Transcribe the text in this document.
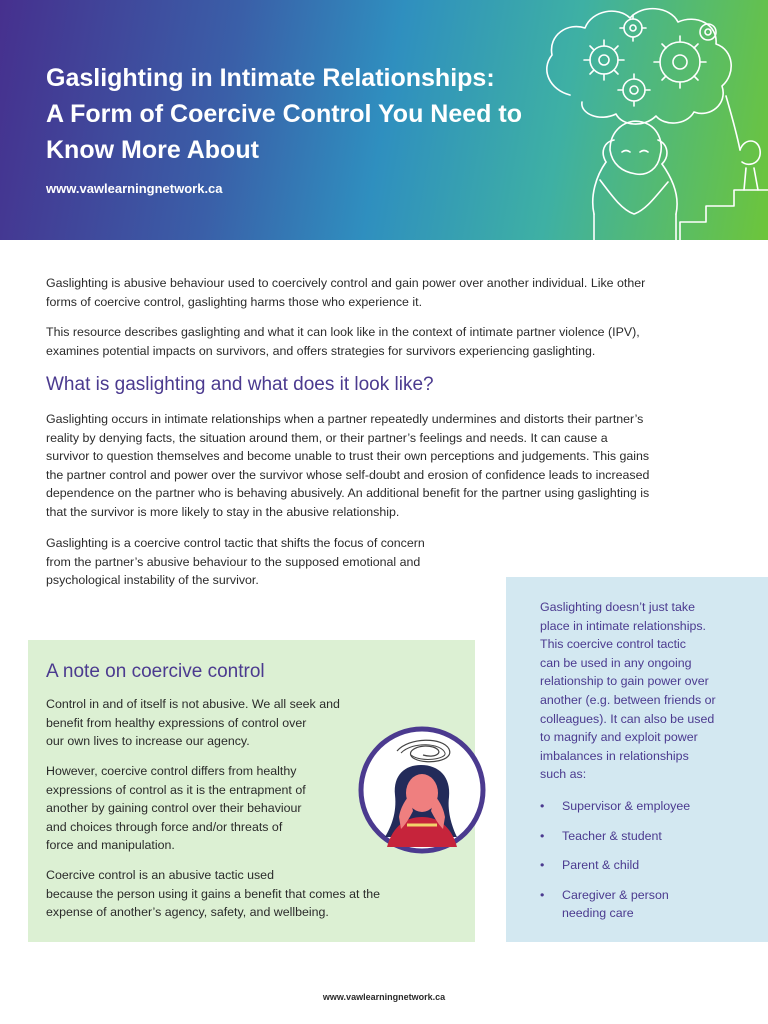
Gaslighting in Intimate Relationships:
A Form of Coercive Control You Need to
Know More About
www.vawlearningnetwork.ca

Gaslighting is abusive behaviour used to coercively control and gain power over another individual. Like other
forms of coercive control, gaslighting harms those who experience it.

This resource describes gaslighting and what it can look like in the context of intimate partner violence (IPV),
examines potential impacts on survivors, and offers strategies for survivors experiencing gaslighting.

What is gaslighting and what does it look like?

Gaslighting occurs in intimate relationships when a partner repeatedly undermines and distorts their partner’s
reality by denying facts, the situation around them, or their partner’s feelings and needs. It can cause a
survivor to question themselves and become unable to trust their own perceptions and judgements. This gains
the partner control and power over the survivor whose self-doubt and erosion of confidence leads to increased
dependence on the partner who is behaving abusively. An additional benefit for the partner using gaslighting is
that the survivor is more likely to stay in the abusive relationship.

Gaslighting is a coercive control tactic that shifts the focus of concern
from the partner’s abusive behaviour to the supposed emotional and
psychological instability of the survivor.

A note on coercive control

Control in and of itself is not abusive. We all seek and
benefit from healthy expressions of control over
our own lives to increase our agency.

However, coercive control differs from healthy
expressions of control as it is the entrapment of
another by gaining control over their behaviour
and choices through force and/or threats of
force and manipulation.

Coercive control is an abusive tactic used
because the person using it gains a benefit that comes at the
expense of another’s agency, safety, and wellbeing.

Gaslighting doesn’t just take
place in intimate relationships.
This coercive control tactic
can be used in any ongoing
relationship to gain power over
another (e.g. between friends or
colleagues). It can also be used
to magnify and exploit power
imbalances in relationships
such as:

• Supervisor & employee
• Teacher & student
• Parent & child
• Caregiver & person
needing care
www.vawlearningnetwork.ca
